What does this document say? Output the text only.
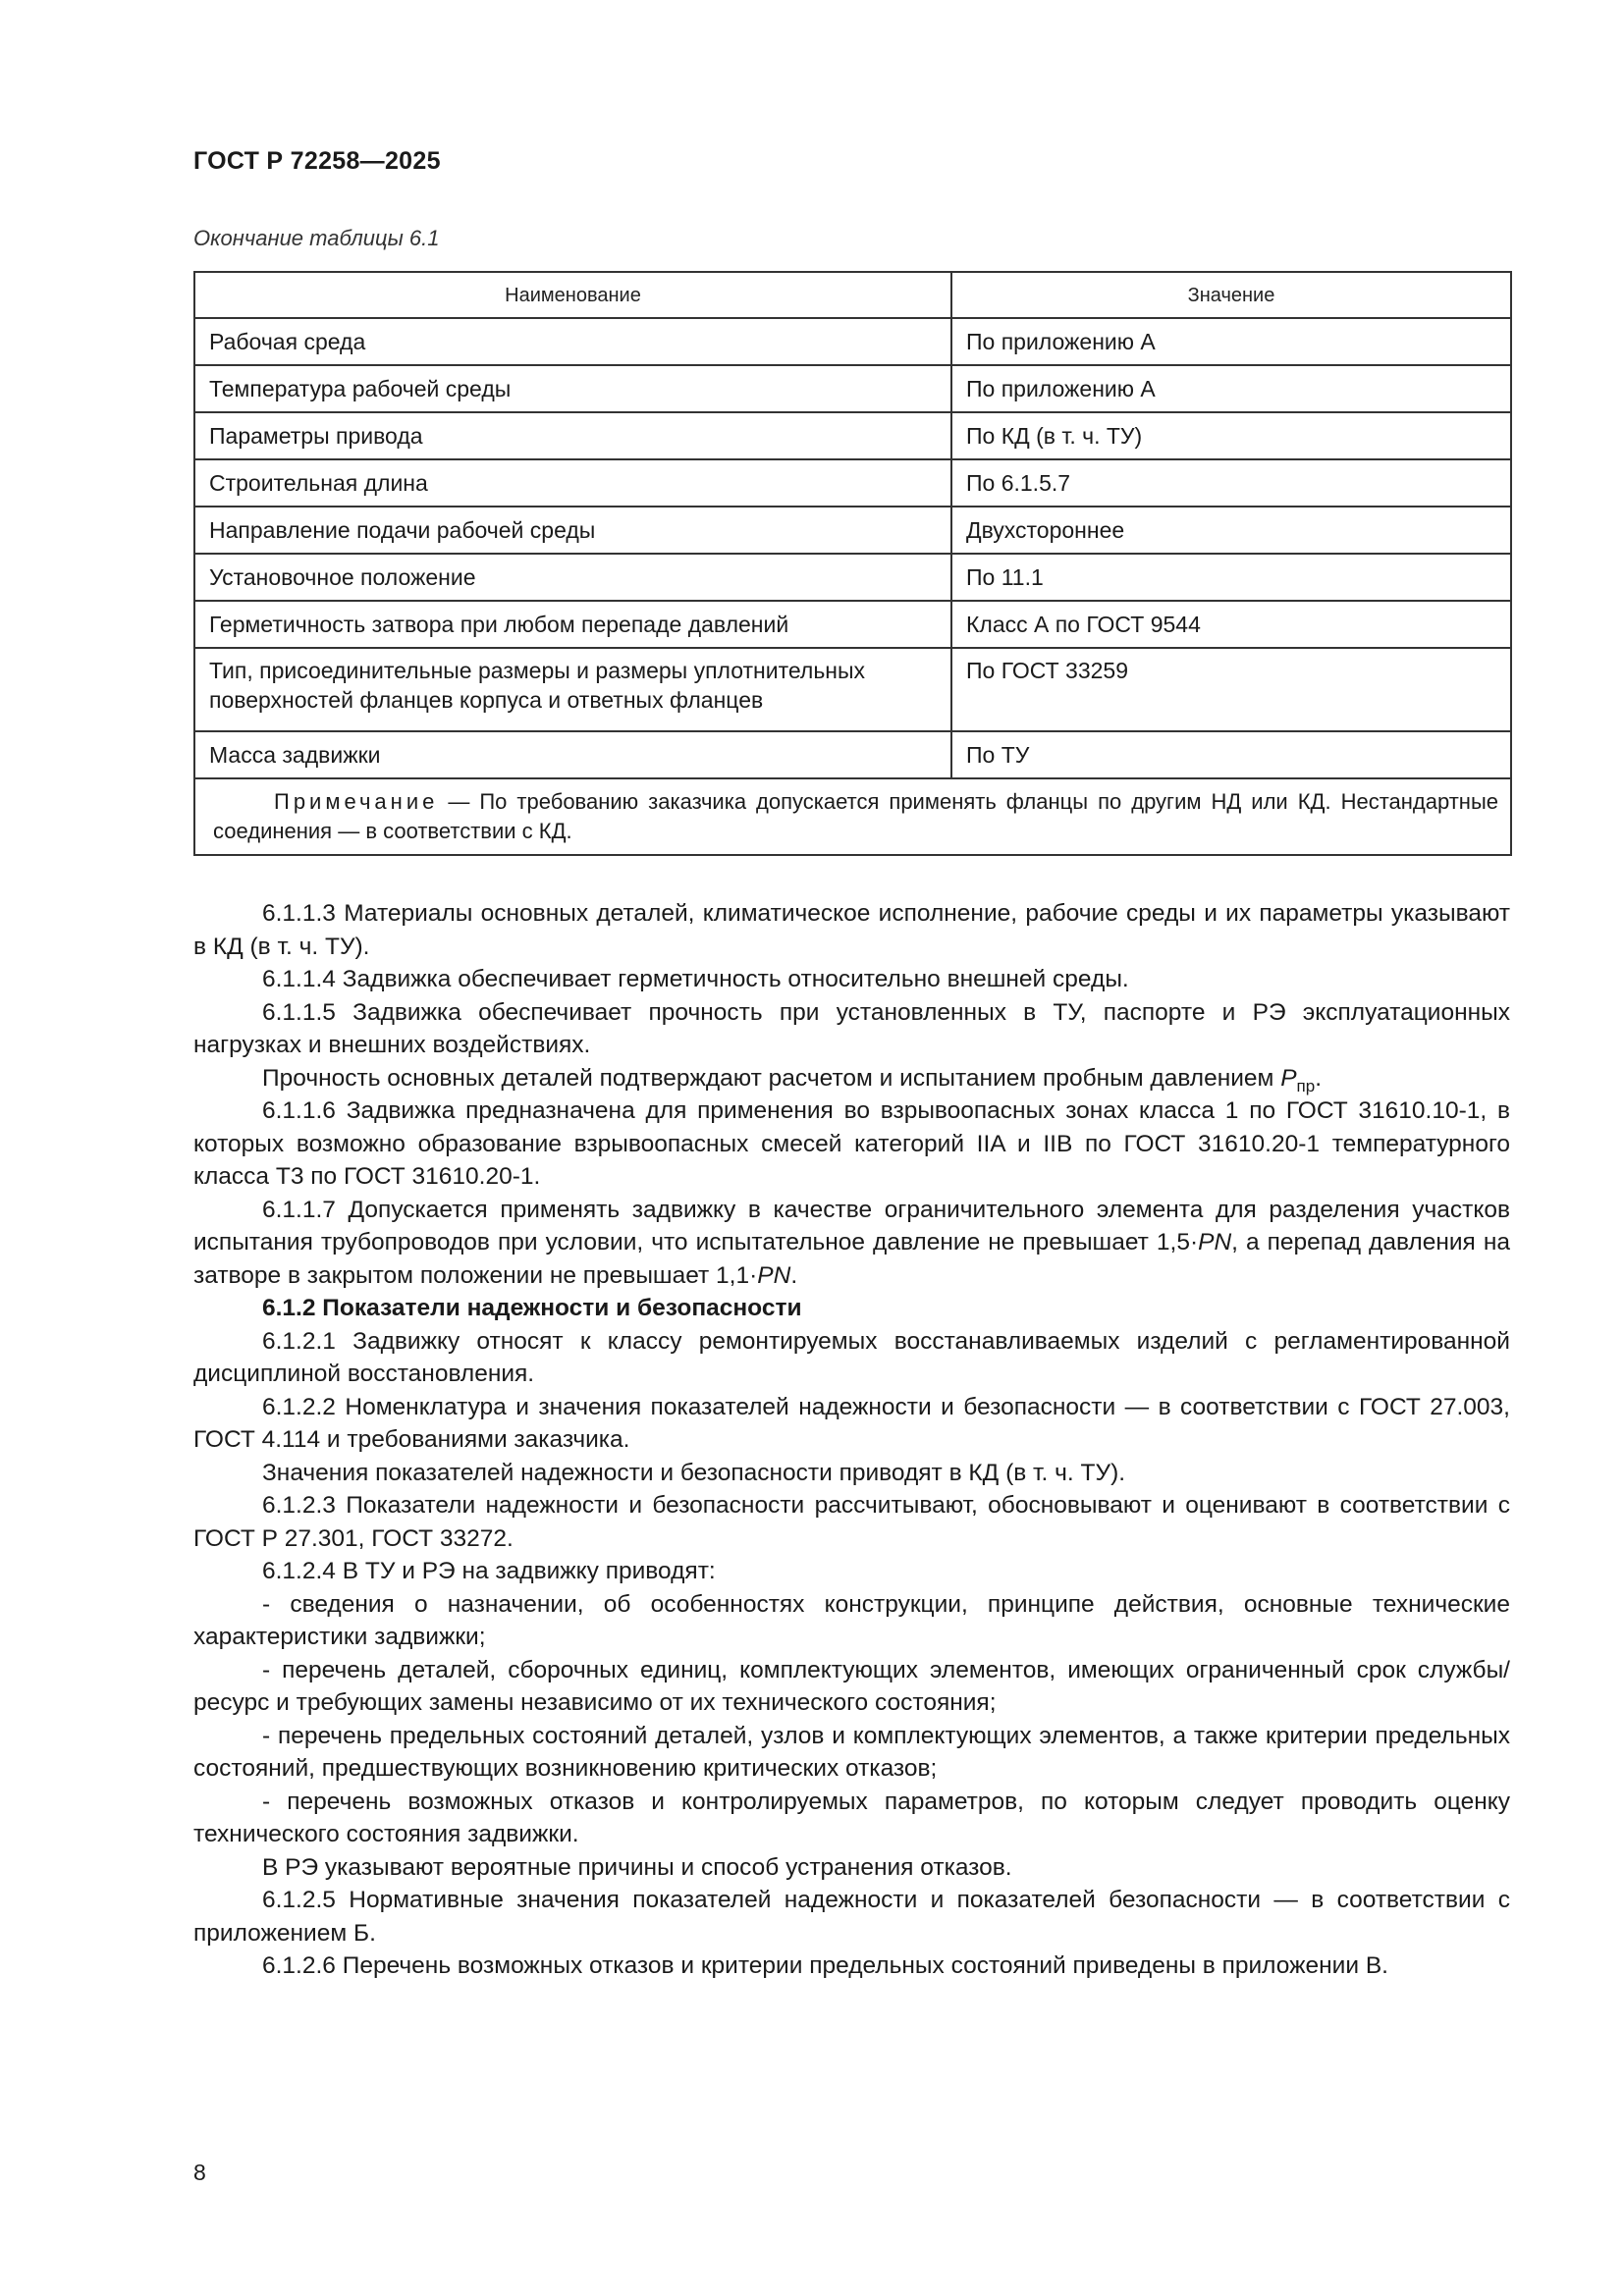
ГОСТ Р 72258—2025
Окончание таблицы 6.1
Наименование	Значение
Рабочая среда	По приложению А
Температура рабочей среды	По приложению А
Параметры привода	По КД (в т. ч. ТУ)
Строительная длина	По 6.1.5.7
Направление подачи рабочей среды	Двухстороннее
Установочное положение	По 11.1
Герметичность затвора при любом перепаде давлений	Класс А по ГОСТ 9544
Тип, присоединительные размеры и размеры уплотнительных поверхностей фланцев корпуса и ответных фланцев	По ГОСТ 33259
Масса задвижки	По ТУ
Примечание — По требованию заказчика допускается применять фланцы по другим НД или КД. Нестандартные соединения — в соответствии с КД.	

6.1.1.3 Материалы основных деталей, климатическое исполнение, рабочие среды и их параметры указывают в КД (в т. ч. ТУ).

6.1.1.4 Задвижка обеспечивает герметичность относительно внешней среды.

6.1.1.5 Задвижка обеспечивает прочность при установленных в ТУ, паспорте и РЭ эксплуатационных нагрузках и внешних воздействиях.

Прочность основных деталей подтверждают расчетом и испытанием пробным давлением $P_{пр}$.

6.1.1.6 Задвижка предназначена для применения во взрывоопасных зонах класса 1 по ГОСТ 31610.10-1, в которых возможно образование взрывоопасных смесей категорий IIA и IIB по ГОСТ 31610.20-1 температурного класса Т3 по ГОСТ 31610.20-1.

6.1.1.7 Допускается применять задвижку в качестве ограничительного элемента для разделения участков испытания трубопроводов при условии, что испытательное давление не превышает 1,5·PN, а перепад давления на затворе в закрытом положении не превышает 1,1·PN.

6.1.2 Показатели надежности и безопасности

6.1.2.1 Задвижку относят к классу ремонтируемых восстанавливаемых изделий с регламентированной дисциплиной восстановления.

6.1.2.2 Номенклатура и значения показателей надежности и безопасности — в соответствии с ГОСТ 27.003, ГОСТ 4.114 и требованиями заказчика.

Значения показателей надежности и безопасности приводят в КД (в т. ч. ТУ).

6.1.2.3 Показатели надежности и безопасности рассчитывают, обосновывают и оценивают в соответствии с ГОСТ Р 27.301, ГОСТ 33272.

6.1.2.4 В ТУ и РЭ на задвижку приводят:

- сведения о назначении, об особенностях конструкции, принципе действия, основные технические характеристики задвижки;

- перечень деталей, сборочных единиц, комплектующих элементов, имеющих ограниченный срок службы/ресурс и требующих замены независимо от их технического состояния;

- перечень предельных состояний деталей, узлов и комплектующих элементов, а также критерии предельных состояний, предшествующих возникновению критических отказов;

- перечень возможных отказов и контролируемых параметров, по которым следует проводить оценку технического состояния задвижки.

В РЭ указывают вероятные причины и способ устранения отказов.

6.1.2.5 Нормативные значения показателей надежности и показателей безопасности — в соответствии с приложением Б.

6.1.2.6 Перечень возможных отказов и критерии предельных состояний приведены в приложении В.

8
